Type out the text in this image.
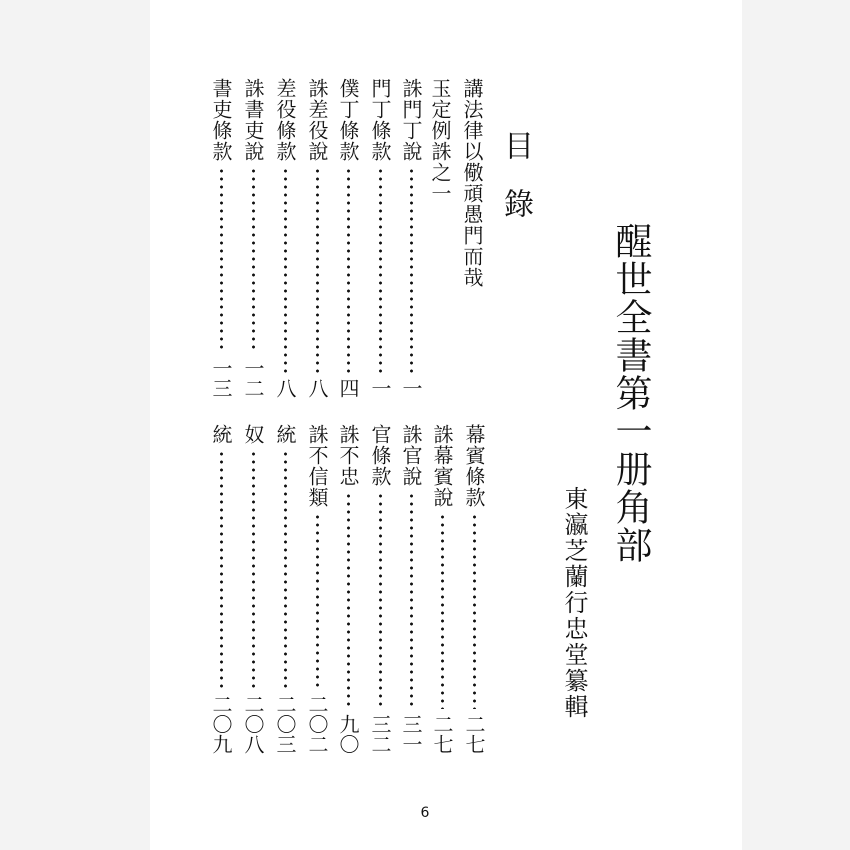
醒世全書第一册角部
東瀛芝蘭行忠堂纂輯
目錄
講法律以儆頑愚門而哉
玉定例誅之一
誅門丁說
一
門丁條款
一
僕丁條款
四
誅差役說
八
差役條款
八
誅書吏說
一二
書吏條款
一三
幕賓條款
二七
誅幕賓說
二七
誅官說
三一
官條款
三二
誅不忠
九〇
誅不信類
二〇二
統
二〇三
奴
二〇八
統
二〇九
6
